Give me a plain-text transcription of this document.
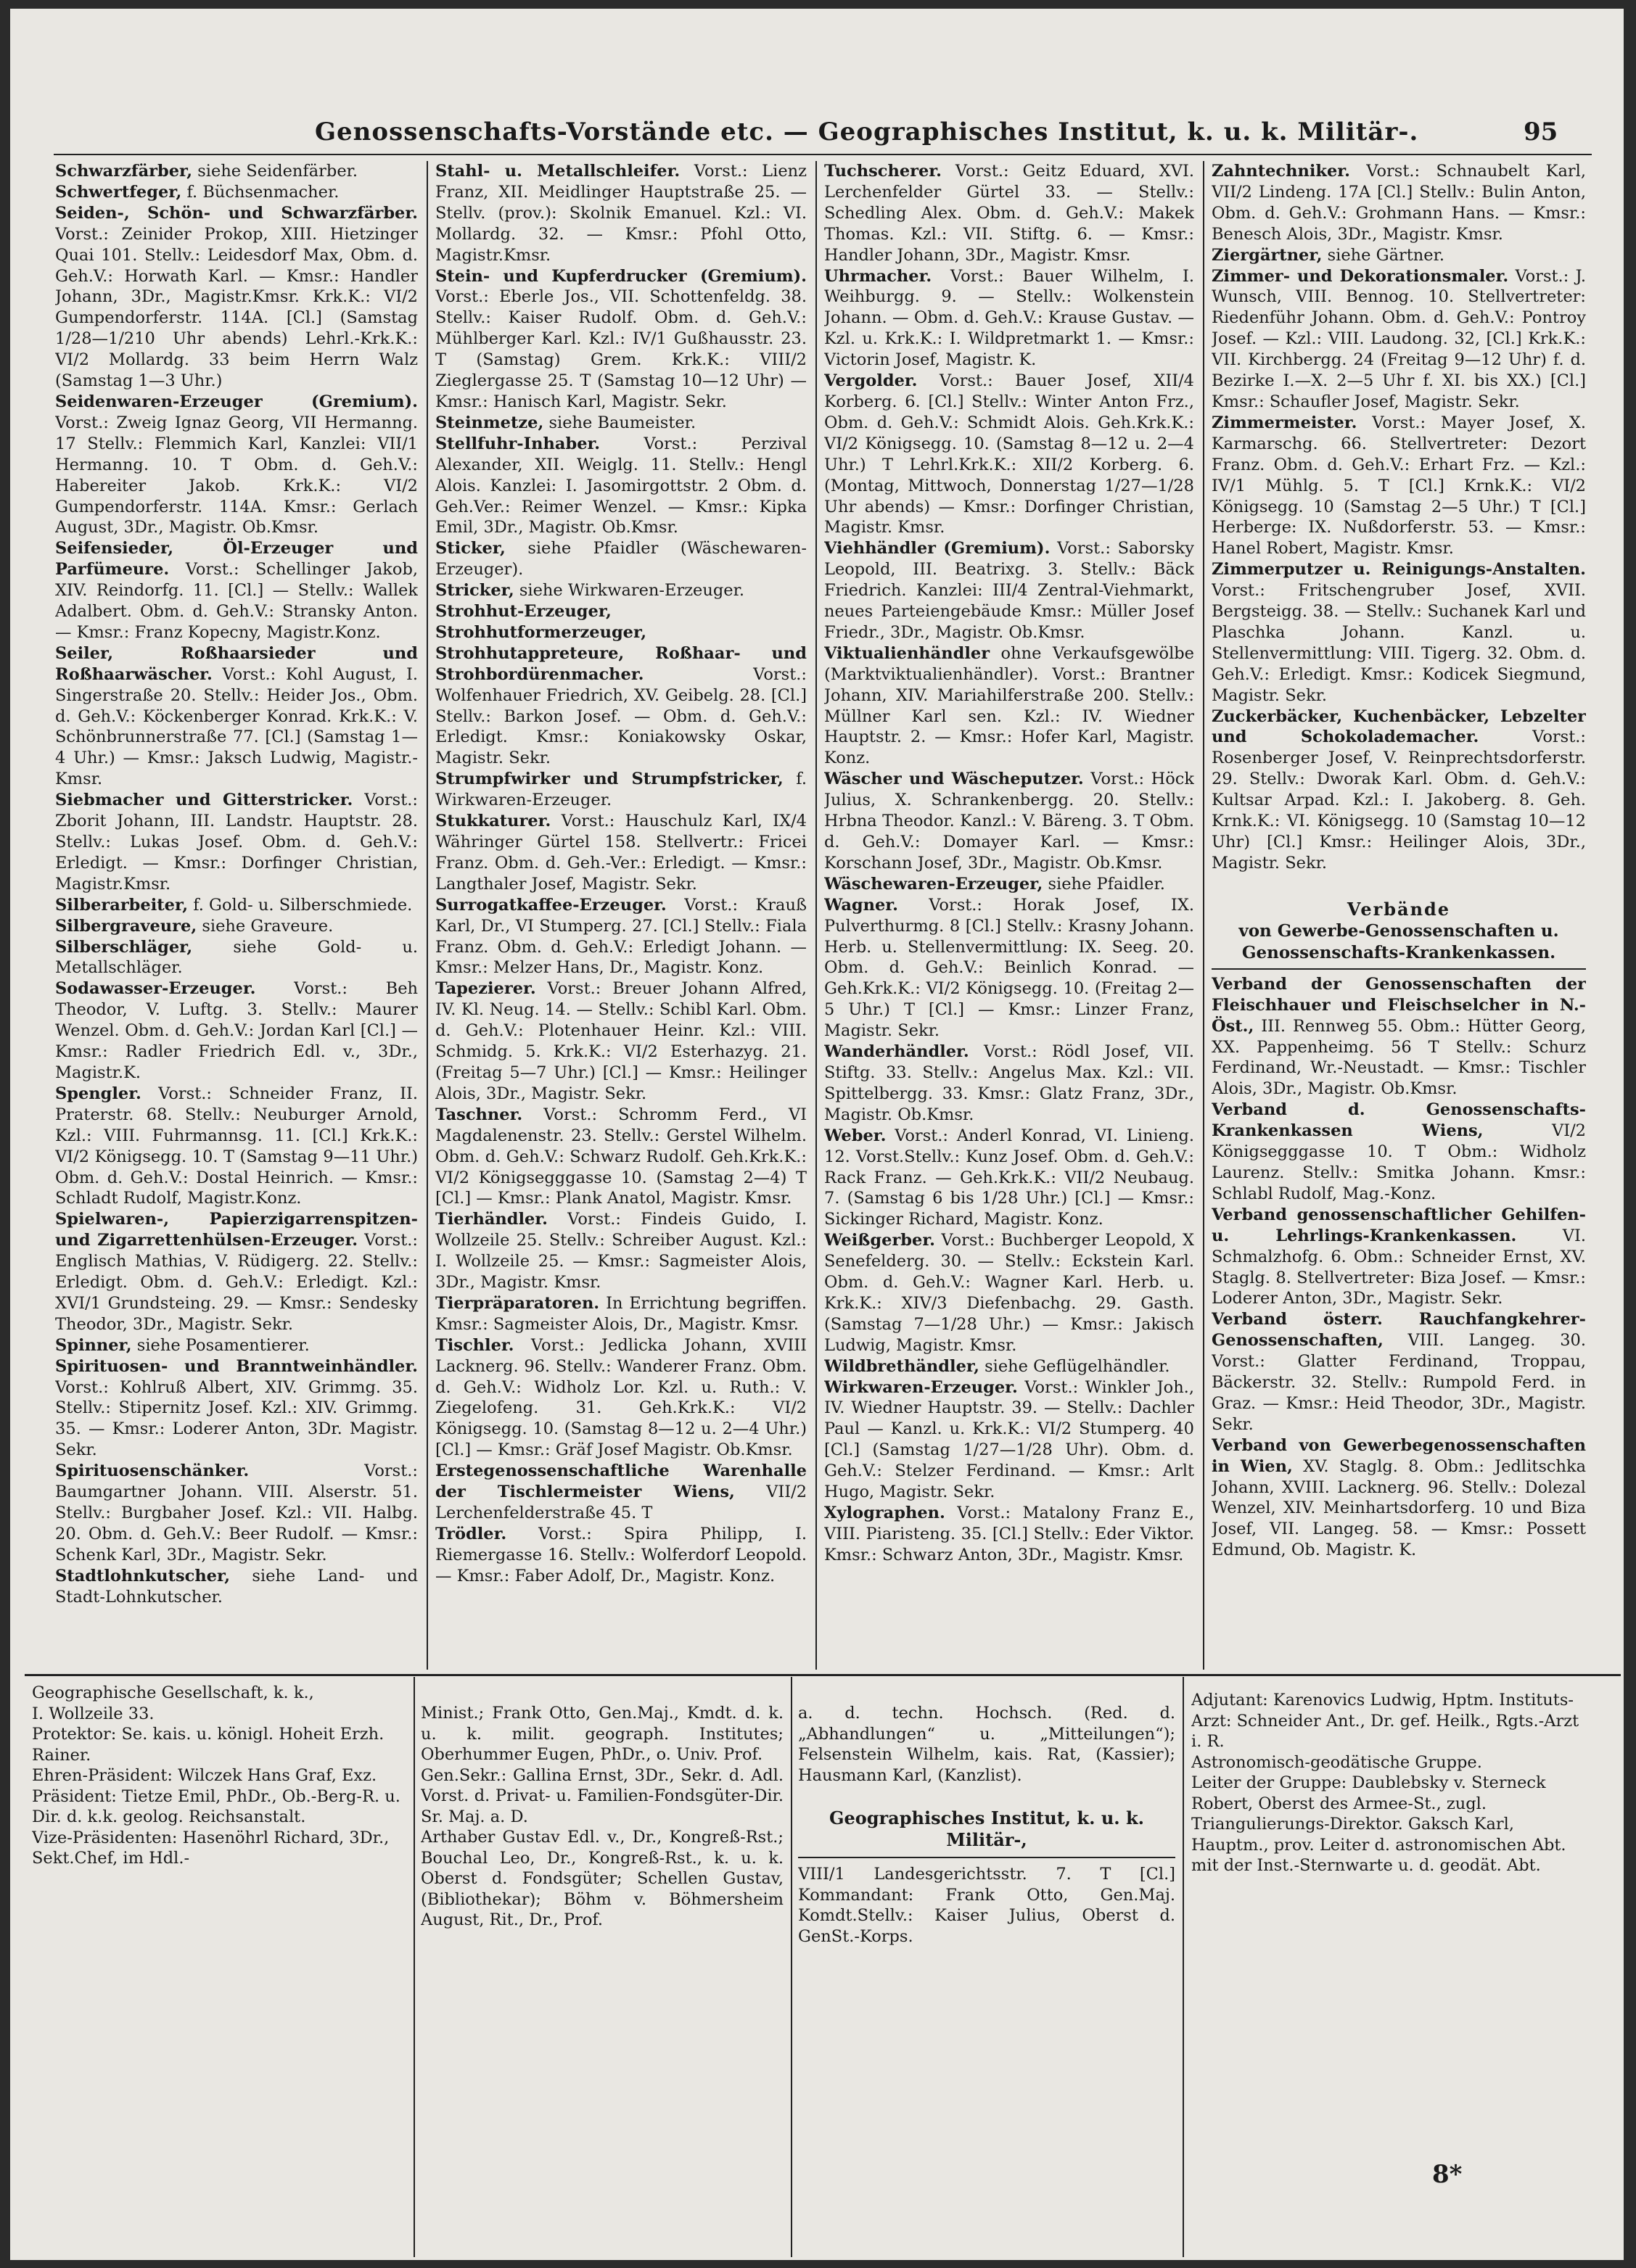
Genossenschafts-Vorstände etc. — Geographisches Institut, k. u. k. Militär-.	95

Schwarzfärber, siehe Seidenfärber.

Schwertfeger, f. Büchsenmacher.

Seiden-, Schön- und Schwarzfärber. Vorst.: Zeinider Prokop, XIII. Hietzinger Quai 101. Stellv.: Leidesdorf Max, Obm. d. Geh.V.: Horwath Karl. — Kmsr.: Handler Johann, 3Dr., Magistr.Kmsr. Krk.K.: VI/2 Gumpendorferstr. 114A. [Cl.] (Samstag 1/28—1/210 Uhr abends) Lehrl.-Krk.K.: VI/2 Mollardg. 33 beim Herrn Walz (Samstag 1—3 Uhr.)

Seidenwaren-Erzeuger (Gremium). Vorst.: Zweig Ignaz Georg, VII Hermanng. 17 Stellv.: Flemmich Karl, Kanzlei: VII/1 Hermanng. 10. T Obm. d. Geh.V.: Habereiter Jakob. Krk.K.: VI/2 Gumpendorferstr. 114A. Kmsr.: Gerlach August, 3Dr., Magistr. Ob.Kmsr.

Seifensieder, Öl-Erzeuger und Parfümeure. Vorst.: Schellinger Jakob, XIV. Reindorfg. 11. [Cl.] — Stellv.: Wallek Adalbert. Obm. d. Geh.V.: Stransky Anton. — Kmsr.: Franz Kopecny, Magistr.Konz.

Seiler, Roßhaarsieder und Roßhaarwäscher. Vorst.: Kohl August, I. Singerstraße 20. Stellv.: Heider Jos., Obm. d. Geh.V.: Köckenberger Konrad. Krk.K.: V. Schönbrunnerstraße 77. [Cl.] (Samstag 1—4 Uhr.) — Kmsr.: Jaksch Ludwig, Magistr.-Kmsr.

Siebmacher und Gitterstricker. Vorst.: Zborit Johann, III. Landstr. Hauptstr. 28. Stellv.: Lukas Josef. Obm. d. Geh.V.: Erledigt. — Kmsr.: Dorfinger Christian, Magistr.Kmsr.

Silberarbeiter, f. Gold- u. Silberschmiede.

Silbergraveure, siehe Graveure.

Silberschläger, siehe Gold- u. Metallschläger.

Sodawasser-Erzeuger. Vorst.: Beh Theodor, V. Luftg. 3. Stellv.: Maurer Wenzel. Obm. d. Geh.V.: Jordan Karl [Cl.] — Kmsr.: Radler Friedrich Edl. v., 3Dr., Magistr.K.

Spengler. Vorst.: Schneider Franz, II. Praterstr. 68. Stellv.: Neuburger Arnold, Kzl.: VIII. Fuhrmannsg. 11. [Cl.] Krk.K.: VI/2 Königsegg. 10. T (Samstag 9—11 Uhr.) Obm. d. Geh.V.: Dostal Heinrich. — Kmsr.: Schladt Rudolf, Magistr.Konz.

Spielwaren-, Papierzigarrenspitzen- und Zigarrettenhülsen-Erzeuger. Vorst.: Englisch Mathias, V. Rüdigerg. 22. Stellv.: Erledigt. Obm. d. Geh.V.: Erledigt. Kzl.: XVI/1 Grundsteing. 29. — Kmsr.: Sendesky Theodor, 3Dr., Magistr. Sekr.

Spinner, siehe Posamentierer.

Spirituosen- und Branntweinhändler. Vorst.: Kohlruß Albert, XIV. Grimmg. 35. Stellv.: Stipernitz Josef. Kzl.: XIV. Grimmg. 35. — Kmsr.: Loderer Anton, 3Dr. Magistr. Sekr.

Spirituosenschänker. Vorst.: Baumgartner Johann. VIII. Alserstr. 51. Stellv.: Burgbaher Josef. Kzl.: VII. Halbg. 20. Obm. d. Geh.V.: Beer Rudolf. — Kmsr.: Schenk Karl, 3Dr., Magistr. Sekr.

Stadtlohnkutscher, siehe Land- und Stadt-Lohnkutscher.

Stahl- u. Metallschleifer. Vorst.: Lienz Franz, XII. Meidlinger Hauptstraße 25. — Stellv. (prov.): Skolnik Emanuel. Kzl.: VI. Mollardg. 32. — Kmsr.: Pfohl Otto, Magistr.Kmsr.

Stein- und Kupferdrucker (Gremium). Vorst.: Eberle Jos., VII. Schottenfeldg. 38. Stellv.: Kaiser Rudolf. Obm. d. Geh.V.: Mühlberger Karl. Kzl.: IV/1 Gußhausstr. 23. T (Samstag) Grem. Krk.K.: VIII/2 Zieglergasse 25. T (Samstag 10—12 Uhr) — Kmsr.: Hanisch Karl, Magistr. Sekr.

Steinmetze, siehe Baumeister.

Stellfuhr-Inhaber. Vorst.: Perzival Alexander, XII. Weiglg. 11. Stellv.: Hengl Alois. Kanzlei: I. Jasomirgottstr. 2 Obm. d. Geh.Ver.: Reimer Wenzel. — Kmsr.: Kipka Emil, 3Dr., Magistr. Ob.Kmsr.

Sticker, siehe Pfaidler (Wäschewaren-Erzeuger).

Stricker, siehe Wirkwaren-Erzeuger.

Strohhut-Erzeuger, Strohhutformerzeuger, Strohhutappreteure, Roßhaar- und Strohbordürenmacher. Vorst.: Wolfenhauer Friedrich, XV. Geibelg. 28. [Cl.] Stellv.: Barkon Josef. — Obm. d. Geh.V.: Erledigt. Kmsr.: Koniakowsky Oskar, Magistr. Sekr.

Strumpfwirker und Strumpfstricker, f. Wirkwaren-Erzeuger.

Stukkaturer. Vorst.: Hauschulz Karl, IX/4 Währinger Gürtel 158. Stellvertr.: Fricei Franz. Obm. d. Geh.-Ver.: Erledigt. — Kmsr.: Langthaler Josef, Magistr. Sekr.

Surrogatkaffee-Erzeuger. Vorst.: Krauß Karl, Dr., VI Stumperg. 27. [Cl.] Stellv.: Fiala Franz. Obm. d. Geh.V.: Erledigt Johann. — Kmsr.: Melzer Hans, Dr., Magistr. Konz.

Tapezierer. Vorst.: Breuer Johann Alfred, IV. Kl. Neug. 14. — Stellv.: Schibl Karl. Obm. d. Geh.V.: Plotenhauer Heinr. Kzl.: VIII. Schmidg. 5. Krk.K.: VI/2 Esterhazyg. 21. (Freitag 5—7 Uhr.) [Cl.] — Kmsr.: Heilinger Alois, 3Dr., Magistr. Sekr.

Taschner. Vorst.: Schromm Ferd., VI Magdalenenstr. 23. Stellv.: Gerstel Wilhelm. Obm. d. Geh.V.: Schwarz Rudolf. Geh.Krk.K.: VI/2 Königsegggasse 10. (Samstag 2—4) T [Cl.] — Kmsr.: Plank Anatol, Magistr. Kmsr.

Tierhändler. Vorst.: Findeis Guido, I. Wollzeile 25. Stellv.: Schreiber August. Kzl.: I. Wollzeile 25. — Kmsr.: Sagmeister Alois, 3Dr., Magistr. Kmsr.

Tierpräparatoren. In Errichtung begriffen. Kmsr.: Sagmeister Alois, Dr., Magistr. Kmsr.

Tischler. Vorst.: Jedlicka Johann, XVIII Lacknerg. 96. Stellv.: Wanderer Franz. Obm. d. Geh.V.: Widholz Lor. Kzl. u. Ruth.: V. Ziegelofeng. 31. Geh.Krk.K.: VI/2 Königsegg. 10. (Samstag 8—12 u. 2—4 Uhr.) [Cl.] — Kmsr.: Gräf Josef Magistr. Ob.Kmsr.

Erstegenossenschaftliche Warenhalle der Tischlermeister Wiens, VII/2 Lerchenfelderstraße 45. T

Trödler. Vorst.: Spira Philipp, I. Riemergasse 16. Stellv.: Wolferdorf Leopold. — Kmsr.: Faber Adolf, Dr., Magistr. Konz.

Tuchscherer. Vorst.: Geitz Eduard, XVI. Lerchenfelder Gürtel 33. — Stellv.: Schedling Alex. Obm. d. Geh.V.: Makek Thomas. Kzl.: VII. Stiftg. 6. — Kmsr.: Handler Johann, 3Dr., Magistr. Kmsr.

Uhrmacher. Vorst.: Bauer Wilhelm, I. Weihburgg. 9. — Stellv.: Wolkenstein Johann. — Obm. d. Geh.V.: Krause Gustav. — Kzl. u. Krk.K.: I. Wildpretmarkt 1. — Kmsr.: Victorin Josef, Magistr. K.

Vergolder. Vorst.: Bauer Josef, XII/4 Korberg. 6. [Cl.] Stellv.: Winter Anton Frz., Obm. d. Geh.V.: Schmidt Alois. Geh.Krk.K.: VI/2 Königsegg. 10. (Samstag 8—12 u. 2—4 Uhr.) T Lehrl.Krk.K.: XII/2 Korberg. 6. (Montag, Mittwoch, Donnerstag 1/27—1/28 Uhr abends) — Kmsr.: Dorfinger Christian, Magistr. Kmsr.

Viehhändler (Gremium). Vorst.: Saborsky Leopold, III. Beatrixg. 3. Stellv.: Bäck Friedrich. Kanzlei: III/4 Zentral-Viehmarkt, neues Parteiengebäude Kmsr.: Müller Josef Friedr., 3Dr., Magistr. Ob.Kmsr.

Viktualienhändler ohne Verkaufsgewölbe (Marktviktualienhändler). Vorst.: Brantner Johann, XIV. Mariahilferstraße 200. Stellv.: Müllner Karl sen. Kzl.: IV. Wiedner Hauptstr. 2. — Kmsr.: Hofer Karl, Magistr. Konz.

Wäscher und Wäscheputzer. Vorst.: Höck Julius, X. Schrankenbergg. 20. Stellv.: Hrbna Theodor. Kanzl.: V. Bäreng. 3. T Obm. d. Geh.V.: Domayer Karl. — Kmsr.: Korschann Josef, 3Dr., Magistr. Ob.Kmsr.

Wäschewaren-Erzeuger, siehe Pfaidler.

Wagner. Vorst.: Horak Josef, IX. Pulverthurmg. 8 [Cl.] Stellv.: Krasny Johann. Herb. u. Stellenvermittlung: IX. Seeg. 20. Obm. d. Geh.V.: Beinlich Konrad. — Geh.Krk.K.: VI/2 Königsegg. 10. (Freitag 2—5 Uhr.) T [Cl.] — Kmsr.: Linzer Franz, Magistr. Sekr.

Wanderhändler. Vorst.: Rödl Josef, VII. Stiftg. 33. Stellv.: Angelus Max. Kzl.: VII. Spittelbergg. 33. Kmsr.: Glatz Franz, 3Dr., Magistr. Ob.Kmsr.

Weber. Vorst.: Anderl Konrad, VI. Linieng. 12. Vorst.Stellv.: Kunz Josef. Obm. d. Geh.V.: Rack Franz. — Geh.Krk.K.: VII/2 Neubaug. 7. (Samstag 6 bis 1/28 Uhr.) [Cl.] — Kmsr.: Sickinger Richard, Magistr. Konz.

Weißgerber. Vorst.: Buchberger Leopold, X Senefelderg. 30. — Stellv.: Eckstein Karl. Obm. d. Geh.V.: Wagner Karl. Herb. u. Krk.K.: XIV/3 Diefenbachg. 29. Gasth. (Samstag 7—1/28 Uhr.) — Kmsr.: Jakisch Ludwig, Magistr. Kmsr.

Wildbrethändler, siehe Geflügelhändler.

Wirkwaren-Erzeuger. Vorst.: Winkler Joh., IV. Wiedner Hauptstr. 39. — Stellv.: Dachler Paul — Kanzl. u. Krk.K.: VI/2 Stumperg. 40 [Cl.] (Samstag 1/27—1/28 Uhr). Obm. d. Geh.V.: Stelzer Ferdinand. — Kmsr.: Arlt Hugo, Magistr. Sekr.

Xylographen. Vorst.: Matalony Franz E., VIII. Piaristeng. 35. [Cl.] Stellv.: Eder Viktor. Kmsr.: Schwarz Anton, 3Dr., Magistr. Kmsr.

Zahntechniker. Vorst.: Schnaubelt Karl, VII/2 Lindeng. 17A [Cl.] Stellv.: Bulin Anton, Obm. d. Geh.V.: Grohmann Hans. — Kmsr.: Benesch Alois, 3Dr., Magistr. Kmsr.

Ziergärtner, siehe Gärtner.

Zimmer- und Dekorationsmaler. Vorst.: J. Wunsch, VIII. Bennog. 10. Stellvertreter: Riedenführ Johann. Obm. d. Geh.V.: Pontroy Josef. — Kzl.: VIII. Laudong. 32, [Cl.] Krk.K.: VII. Kirchbergg. 24 (Freitag 9—12 Uhr) f. d. Bezirke I.—X. 2—5 Uhr f. XI. bis XX.) [Cl.] Kmsr.: Schaufler Josef, Magistr. Sekr.

Zimmermeister. Vorst.: Mayer Josef, X. Karmarschg. 66. Stellvertreter: Dezort Franz. Obm. d. Geh.V.: Erhart Frz. — Kzl.: IV/1 Mühlg. 5. T [Cl.] Krnk.K.: VI/2 Königsegg. 10 (Samstag 2—5 Uhr.) T [Cl.] Herberge: IX. Nußdorferstr. 53. — Kmsr.: Hanel Robert, Magistr. Kmsr.

Zimmerputzer u. Reinigungs-Anstalten. Vorst.: Fritschengruber Josef, XVII. Bergsteigg. 38. — Stellv.: Suchanek Karl und Plaschka Johann. Kanzl. u. Stellenvermittlung: VIII. Tigerg. 32. Obm. d. Geh.V.: Erledigt. Kmsr.: Kodicek Siegmund, Magistr. Sekr.

Zuckerbäcker, Kuchenbäcker, Lebzelter und Schokolademacher. Vorst.: Rosenberger Josef, V. Reinprechtsdorferstr. 29. Stellv.: Dworak Karl. Obm. d. Geh.V.: Kultsar Arpad. Kzl.: I. Jakoberg. 8. Geh. Krnk.K.: VI. Königsegg. 10 (Samstag 10—12 Uhr) [Cl.] Kmsr.: Heilinger Alois, 3Dr., Magistr. Sekr.

Verbände
von Gewerbe-Genossenschaften u. Genossenschafts-Krankenkassen.

Verband der Genossenschaften der Fleischhauer und Fleischselcher in N.-Öst., III. Rennweg 55. Obm.: Hütter Georg, XX. Pappenheimg. 56 T Stellv.: Schurz Ferdinand, Wr.-Neustadt. — Kmsr.: Tischler Alois, 3Dr., Magistr. Ob.Kmsr.

Verband d. Genossenschafts-Krankenkassen Wiens, VI/2 Königsegggasse 10. T Obm.: Widholz Laurenz. Stellv.: Smitka Johann. Kmsr.: Schlabl Rudolf, Mag.-Konz.

Verband genossenschaftlicher Gehilfen- u. Lehrlings-Krankenkassen. VI. Schmalzhofg. 6. Obm.: Schneider Ernst, XV. Staglg. 8. Stellvertreter: Biza Josef. — Kmsr.: Loderer Anton, 3Dr., Magistr. Sekr.

Verband österr. Rauchfangkehrer-Genossenschaften, VIII. Langeg. 30. Vorst.: Glatter Ferdinand, Troppau, Bäckerstr. 32. Stellv.: Rumpold Ferd. in Graz. — Kmsr.: Heid Theodor, 3Dr., Magistr. Sekr.

Verband von Gewerbegenossenschaften in Wien, XV. Staglg. 8. Obm.: Jedlitschka Johann, XVIII. Lacknerg. 96. Stellv.: Dolezal Wenzel, XIV. Meinhartsdorferg. 10 und Biza Josef, VII. Langeg. 58. — Kmsr.: Possett Edmund, Ob. Magistr. K.

Geographische Gesellschaft, k. k.,

I. Wollzeile 33.

Protektor: Se. kais. u. königl. Hoheit Erzh. Rainer.

Ehren-Präsident: Wilczek Hans Graf, Exz.

Präsident: Tietze Emil, PhDr., Ob.-Berg-R. u. Dir. d. k.k. geolog. Reichsanstalt.

Vize-Präsidenten: Hasenöhrl Richard, 3Dr., Sekt.Chef, im Hdl.-

Minist.; Frank Otto, Gen.Maj., Kmdt. d. k. u. k. milit. geograph. Institutes; Oberhummer Eugen, PhDr., o. Univ. Prof.
Gen.Sekr.: Gallina Ernst, 3Dr., Sekr. d. Adl. Vorst. d. Privat- u. Familien-Fondsgüter-Dir. Sr. Maj. a. D.
Arthaber Gustav Edl. v., Dr., Kongreß-Rst.; Bouchal Leo, Dr., Kongreß-Rst., k. u. k. Oberst d. Fondsgüter; Schellen Gustav, (Bibliothekar); Böhm v. Böhmersheim August, Rit., Dr., Prof.
a. d. techn. Hochsch. (Red. d. „Abhandlungen“ u. „Mitteilungen“); Felsenstein Wilhelm, kais. Rat, (Kassier); Hausmann Karl, (Kanzlist).
Geographisches Institut, k. u. k. Militär-,
VIII/1 Landesgerichtsstr. 7. T [Cl.] Kommandant: Frank Otto, Gen.Maj. Komdt.Stellv.: Kaiser Julius, Oberst d. GenSt.-Korps.

Adjutant: Karenovics Ludwig, Hptm. Instituts-Arzt: Schneider Ant., Dr. gef. Heilk., Rgts.-Arzt i. R.

Astronomisch-geodätische Gruppe.

Leiter der Gruppe: Daublebsky v. Sterneck Robert, Oberst des Armee-St., zugl. Triangulierungs-Direktor. Gaksch Karl, Hauptm., prov. Leiter d. astronomischen Abt. mit der Inst.-Sternwarte u. d. geodät. Abt.

8*
